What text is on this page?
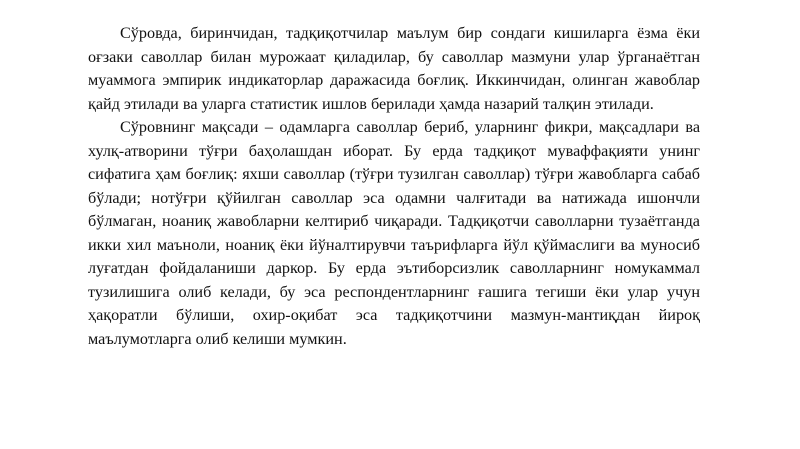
Сўровда, биринчидан, тадқиқотчилар маълум бир сондаги кишиларга ёзма ёки оғзаки саволлар билан мурожаат қиладилар, бу саволлар мазмуни улар ўрганаётган муаммога эмпирик индикаторлар даражасида боғлиқ. Иккинчидан, олинган жавоблар қайд этилади ва уларга статистик ишлов берилади ҳамда назарий талқин этилади.

Сўровнинг мақсади – одамларга саволлар бериб, уларнинг фикри, мақсадлари ва хулқ-атворини тўғри баҳолашдан иборат. Бу ерда тадқиқот муваффақияти унинг сифатига ҳам боғлиқ: яхши саволлар (тўғри тузилган саволлар) тўғри жавобларга сабаб бўлади; нотўғри қўйилган саволлар эса одамни чалғитади ва натижада ишончли бўлмаган, ноаниқ жавобларни келтириб чиқаради. Тадқиқотчи саволларни тузаётганда икки хил маъноли, ноаниқ ёки йўналтирувчи таърифларга йўл қўймаслиги ва муносиб луғатдан фойдаланиши даркор. Бу ерда эътиборсизлик саволларнинг номукаммал тузилишига олиб келади, бу эса респондентларнинг ғашига тегиши ёки улар учун ҳақоратли бўлиши, охир-оқибат эса тадқиқотчини мазмун-мантиқдан йироқ маълумотларга олиб келиши мумкин.
